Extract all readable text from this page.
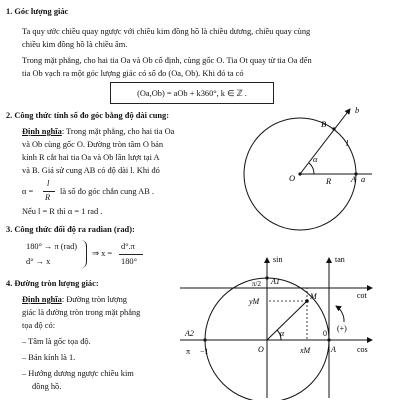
1. Góc lượng giác
Ta quy ước chiều quay ngược với chiều kim đồng hồ là chiều dương, chiều quay cùng
chiều kim đồng hồ là chiều âm.
Trong mặt phẳng, cho hai tia Oa và Ob cố định, cùng gốc O. Tia Ot quay từ tia Oa đến
tia Ob vạch ra một góc lượng giác có số đo (Oa, Ob). Khi đó ta có
(Oa,Ob) = aOb + k360°, k ∈ ℤ .
2. Công thức tính số đo góc bằng độ dài cung:
Định nghĩa: Trong mặt phẳng, cho hai tia Oa
và Ob cùng gốc O. Đường tròn tâm O bán
kính R cắt hai tia Oa và Ob lần lượt tại A
và B. Giả sử cung AB có độ dài l. Khi đó
α =
l
R
là số đo góc chắn cung AB .
Nếu l = R thì α = 1 rad .
3. Công thức đổi độ ra radian (rad):
180° → π (rad)
d° → x
⇒ x =
d°.π
180°
4. Đường tròn lượng giác:
Định nghĩa: Đường tròn lượng
giác là đường tròn trong mặt phẳng
tọa độ có:
– Tâm là gốc tọa độ.
– Bán kính là 1.
– Hướng dương ngược chiều kim
đồng hồ.
b
B
l
α
O	R A a
sin	tan
cot
cos
π/2 A1
M
yM
xM
(+)
A2
π −1
α
O
0
A
